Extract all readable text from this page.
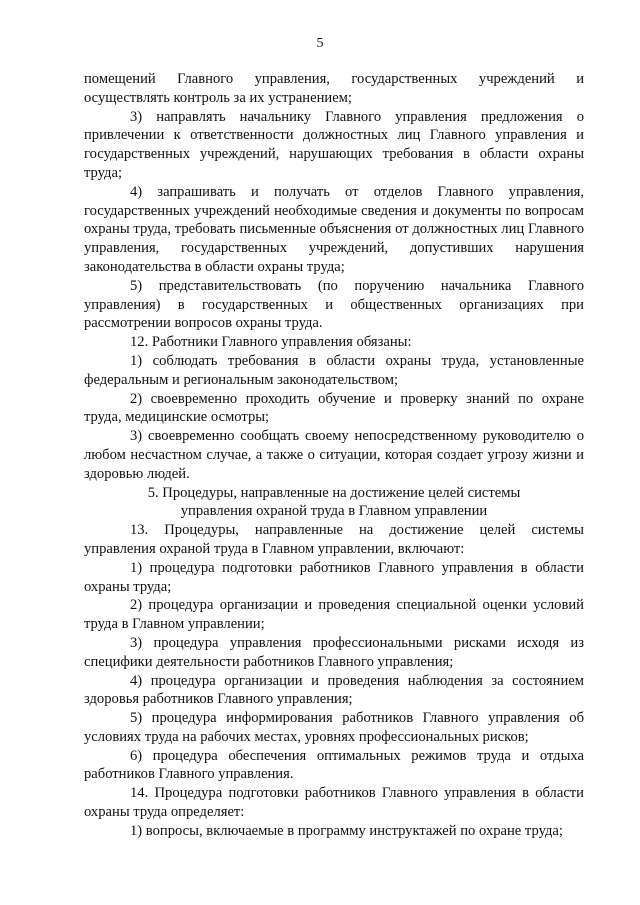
5

помещений Главного управления, государственных учреждений и осуществлять контроль за их устранением;

3) направлять начальнику Главного управления предложения о привлечении к ответственности должностных лиц Главного управления и государственных учреждений, нарушающих требования в области охраны труда;

4) запрашивать и получать от отделов Главного управления, государственных учреждений необходимые сведения и документы по вопросам охраны труда, требовать письменные объяснения от должностных лиц Главного управления, государственных учреждений, допустивших нарушения законодательства в области охраны труда;

5) представительствовать (по поручению начальника Главного управления) в государственных и общественных организациях при рассмотрении вопросов охраны труда.

12. Работники Главного управления обязаны:

1) соблюдать требования в области охраны труда, установленные федеральным и региональным законодательством;

2) своевременно проходить обучение и проверку знаний по охране труда, медицинские осмотры;

3) своевременно сообщать своему непосредственному руководителю о любом несчастном случае, а также о ситуации, которая создает угрозу жизни и здоровью людей.

5. Процедуры, направленные на достижение целей системы управления охраной труда в Главном управлении

13. Процедуры, направленные на достижение целей системы управления охраной труда в Главном управлении, включают:

1) процедура подготовки работников Главного управления в области охраны труда;

2) процедура организации и проведения специальной оценки условий труда в Главном управлении;

3) процедура управления профессиональными рисками исходя из специфики деятельности работников Главного управления;

4) процедура организации и проведения наблюдения за состоянием здоровья работников Главного управления;

5) процедура информирования работников Главного управления об условиях труда на рабочих местах, уровнях профессиональных рисков;

6) процедура обеспечения оптимальных режимов труда и отдыха работников Главного управления.

14. Процедура подготовки работников Главного управления в области охраны труда определяет:

1) вопросы, включаемые в программу инструктажей по охране труда;
